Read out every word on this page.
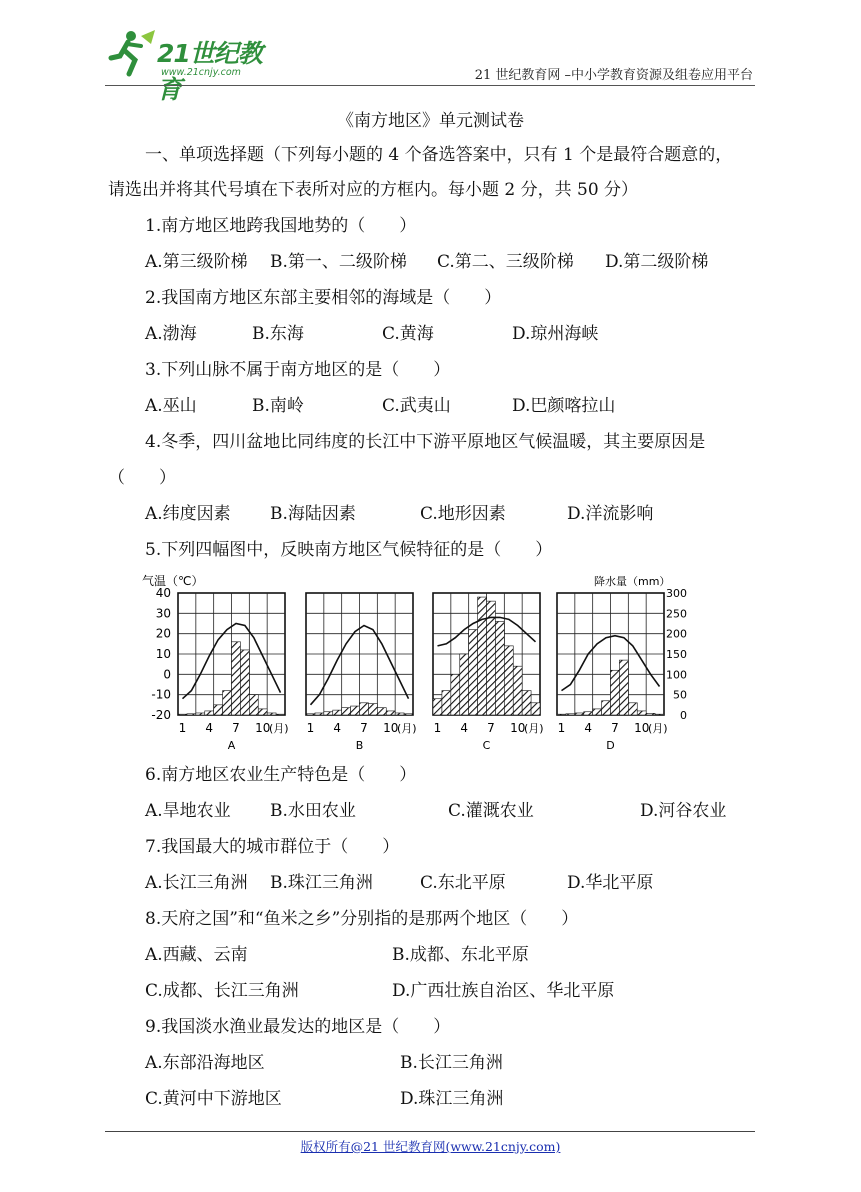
21世纪教育
www.21cnjy.com	21 世纪教育网 –中小学教育资源及组卷应用平台
《南方地区》单元测试卷
一、单项选择题（下列每小题的 4 个备选答案中，只有 1 个是最符合题意的，
请选出并将其代号填在下表所对应的方框内。每小题 2 分，共 50 分）
1.南方地区地跨我国地势的（　　）
A.第三级阶梯 B.第一、二级阶梯 C.第二、三级阶梯 D.第二级阶梯
2.我国南方地区东部主要相邻的海域是（　　）
A.渤海	B.东海	C.黄海	D.琼州海峡
3.下列山脉不属于南方地区的是（　　）
A.巫山	B.南岭	C.武夷山	D.巴颜喀拉山
4.冬季，四川盆地比同纬度的长江中下游平原地区气候温暖，其主要原因是
（　　）
A.纬度因素 B.海陆因素	C.地形因素	D.洋流影响
5.下列四幅图中，反映南方地区气候特征的是（　　）
气温（℃）	降水量（mm）
40
30
20
10
0
-10
-20
300
250
200
150
100
50
0
1 4 7 10
(月)
A
1 4 7 10
(月)
B
1 4 7 10
(月)
C
1 4 7 10
(月)
D
6.南方地区农业生产特色是（　　）
A.旱地农业 B.水田农业	C.灌溉农业	D.河谷农业
7.我国最大的城市群位于（　　）
A.长江三角洲 B.珠江三角洲	C.东北平原	D.华北平原
8.天府之国”和“鱼米之乡”分别指的是那两个地区（　　）
A.西藏、云南	B.成都、东北平原
C.成都、长江三角洲	D.广西壮族自治区、华北平原
9.我国淡水渔业最发达的地区是（　　）
A.东部沿海地区	B.长江三角洲
C.黄河中下游地区	D.珠江三角洲
版权所有@21 世纪教育网(www.21cnjy.com)
